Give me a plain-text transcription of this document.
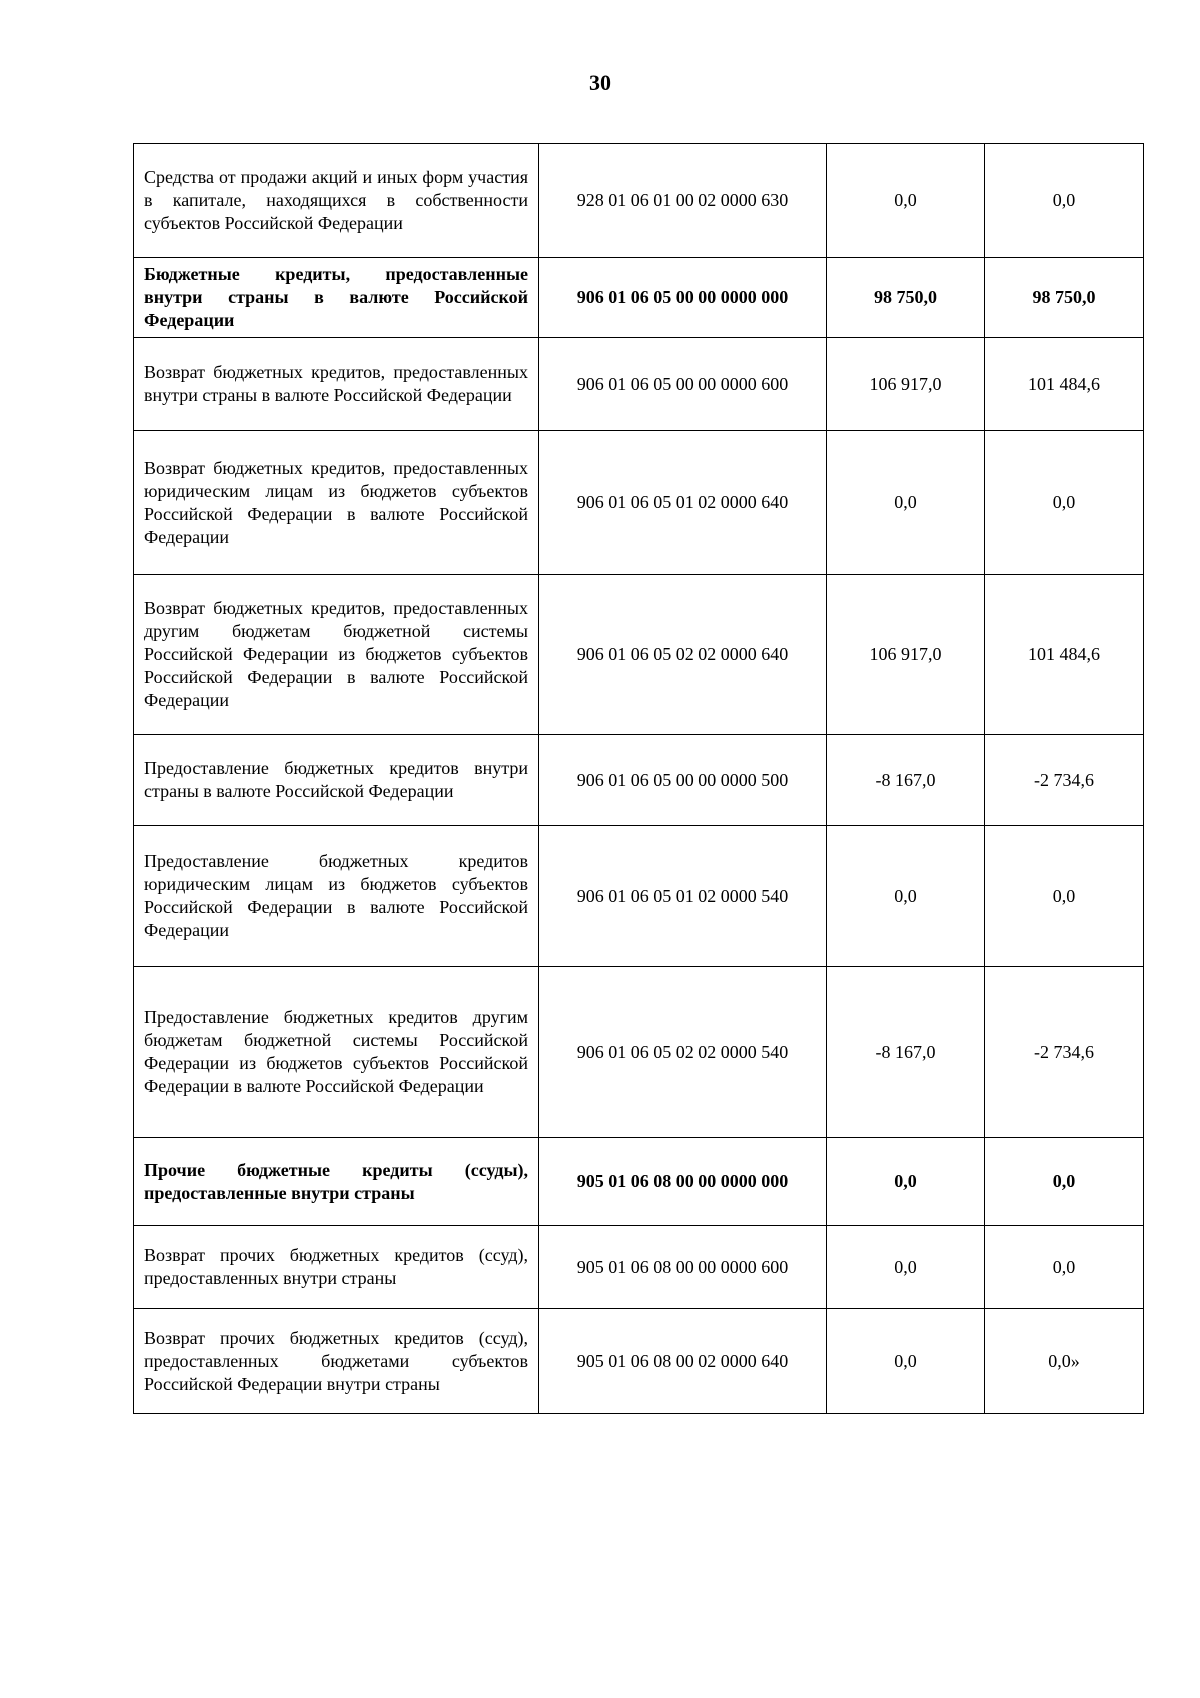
30
Средства от продажи акций и иных форм участия в капитале, находящихся в собственности субъектов Российской Федерации	928 01 06 01 00 02 0000 630	0,0	0,0
Бюджетные кредиты, предоставленные внутри страны в валюте Российской Федерации	906 01 06 05 00 00 0000 000	98 750,0	98 750,0
Возврат бюджетных кредитов, предоставленных внутри страны в валюте Российской Федерации	906 01 06 05 00 00 0000 600	106 917,0	101 484,6
Возврат бюджетных кредитов, предоставленных юридическим лицам из бюджетов субъектов Российской Федерации в валюте Российской Федерации	906 01 06 05 01 02 0000 640	0,0	0,0
Возврат бюджетных кредитов, предоставленных другим бюджетам бюджетной системы Российской Федерации из бюджетов субъектов Российской Федерации в валюте Российской Федерации	906 01 06 05 02 02 0000 640	106 917,0	101 484,6
Предоставление бюджетных кредитов внутри страны в валюте Российской Федерации	906 01 06 05 00 00 0000 500	-8 167,0	-2 734,6
Предоставление бюджетных кредитов юридическим лицам из бюджетов субъектов Российской Федерации в валюте Российской Федерации	906 01 06 05 01 02 0000 540	0,0	0,0
Предоставление бюджетных кредитов другим бюджетам бюджетной системы Российской Федерации из бюджетов субъектов Российской Федерации в валюте Российской Федерации	906 01 06 05 02 02 0000 540	-8 167,0	-2 734,6
Прочие бюджетные кредиты (ссуды), предоставленные внутри страны	905 01 06 08 00 00 0000 000	0,0	0,0
Возврат прочих бюджетных кредитов (ссуд), предоставленных внутри страны	905 01 06 08 00 00 0000 600	0,0	0,0
Возврат прочих бюджетных кредитов (ссуд), предоставленных бюджетами субъектов Российской Федерации внутри страны	905 01 06 08 00 02 0000 640	0,0	0,0»
